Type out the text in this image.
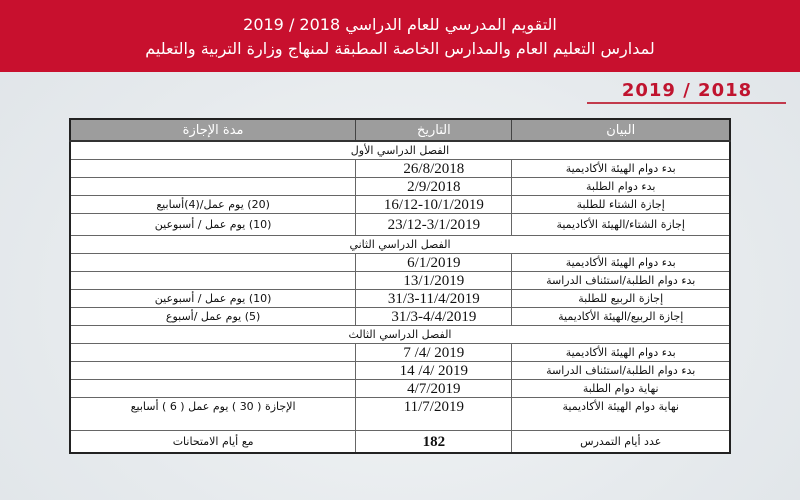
التقويم المدرسي للعام الدراسي 2018 / 2019
لمدارس التعليم العام والمدارس الخاصة المطبقة لمنهاج وزارة التربية والتعليم
2019 / 2018
البيان	التاريخ	مدة الإجازة
الفصل الدراسي الأول		
بدء دوام الهيئة الأكاديمية	26/8/2018	
بدء دوام الطلبة	2/9/2018	
إجازة الشتاء للطلبة	16/12-10/1/2019	(20) يوم عمل/(4)أسابيع
إجازة الشتاء/الهيئة الأكاديمية	23/12-3/1/2019	(10) يوم عمل / أسبوعين
الفصل الدراسي الثاني		
بدء دوام الهيئة الأكاديمية	6/1/2019	
بدء دوام الطلبة/استئناف الدراسة	13/1/2019	
إجازة الربيع للطلبة	31/3-11/4/2019	(10) يوم عمل / أسبوعين
إجازة الربيع/الهيئة الأكاديمية	31/3-4/4/2019	(5) يوم عمل /أسبوع
الفصل الدراسي الثالث		
بدء دوام الهيئة الأكاديمية	7 /4/ 2019	
بدء دوام الطلبة/استئناف الدراسة	14 /4/ 2019	
نهاية دوام الطلبة	4/7/2019	
نهاية دوام الهيئة الأكاديمية	11/7/2019	الإجازة ( 30 ) يوم عمل ( 6 ) أسابيع
عدد أيام التمدرس	182	مع أيام الامتحانات
